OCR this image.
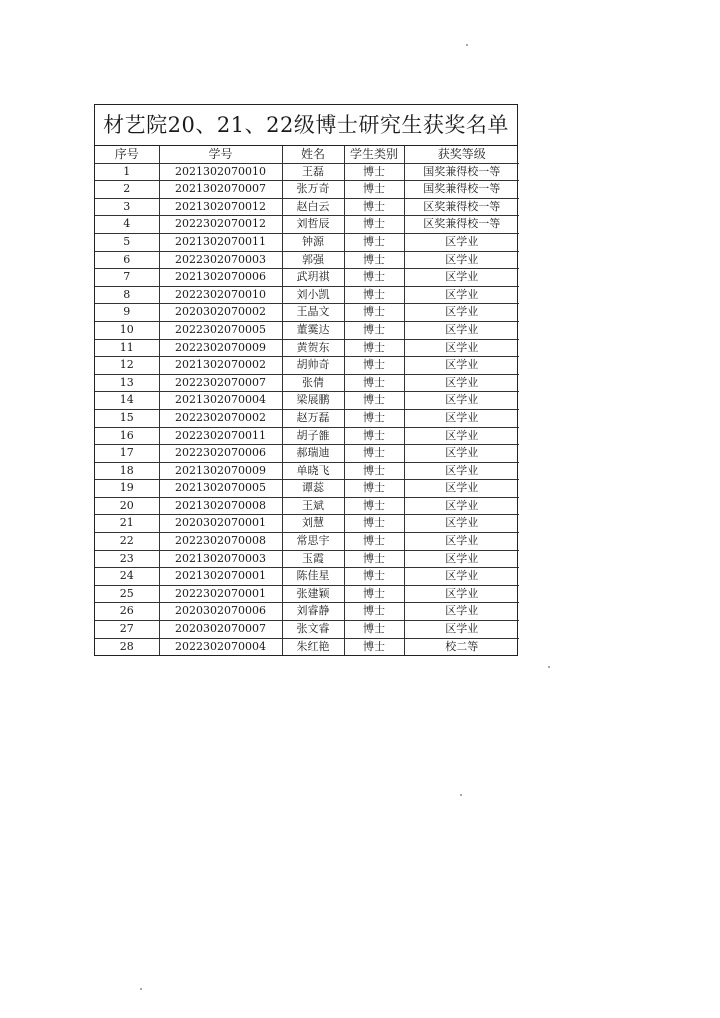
材艺院20、21、22级博士研究生获奖名单
序号	学号	姓名	学生类别	获奖等级
1	2021302070010	王磊	博士	国奖兼得校一等
2	2021302070007	张万奇	博士	国奖兼得校一等
3	2021302070012	赵白云	博士	区奖兼得校一等
4	2022302070012	刘哲辰	博士	区奖兼得校一等
5	2021302070011	钟源	博士	区学业
6	2022302070003	郭强	博士	区学业
7	2021302070006	武玥祺	博士	区学业
8	2022302070010	刘小凯	博士	区学业
9	2020302070002	王晶文	博士	区学业
10	2022302070005	董霙达	博士	区学业
11	2022302070009	黄贺东	博士	区学业
12	2021302070002	胡帅奇	博士	区学业
13	2022302070007	张倩	博士	区学业
14	2021302070004	梁展鹏	博士	区学业
15	2022302070002	赵万磊	博士	区学业
16	2022302070011	胡子雒	博士	区学业
17	2022302070006	郝瑞迪	博士	区学业
18	2021302070009	单晓飞	博士	区学业
19	2021302070005	谭蕊	博士	区学业
20	2021302070008	王斌	博士	区学业
21	2020302070001	刘慧	博士	区学业
22	2022302070008	常思宇	博士	区学业
23	2021302070003	玉霞	博士	区学业
24	2021302070001	陈佳星	博士	区学业
25	2022302070001	张建颖	博士	区学业
26	2020302070006	刘睿静	博士	区学业
27	2020302070007	张文睿	博士	区学业
28	2022302070004	朱红艳	博士	校二等
